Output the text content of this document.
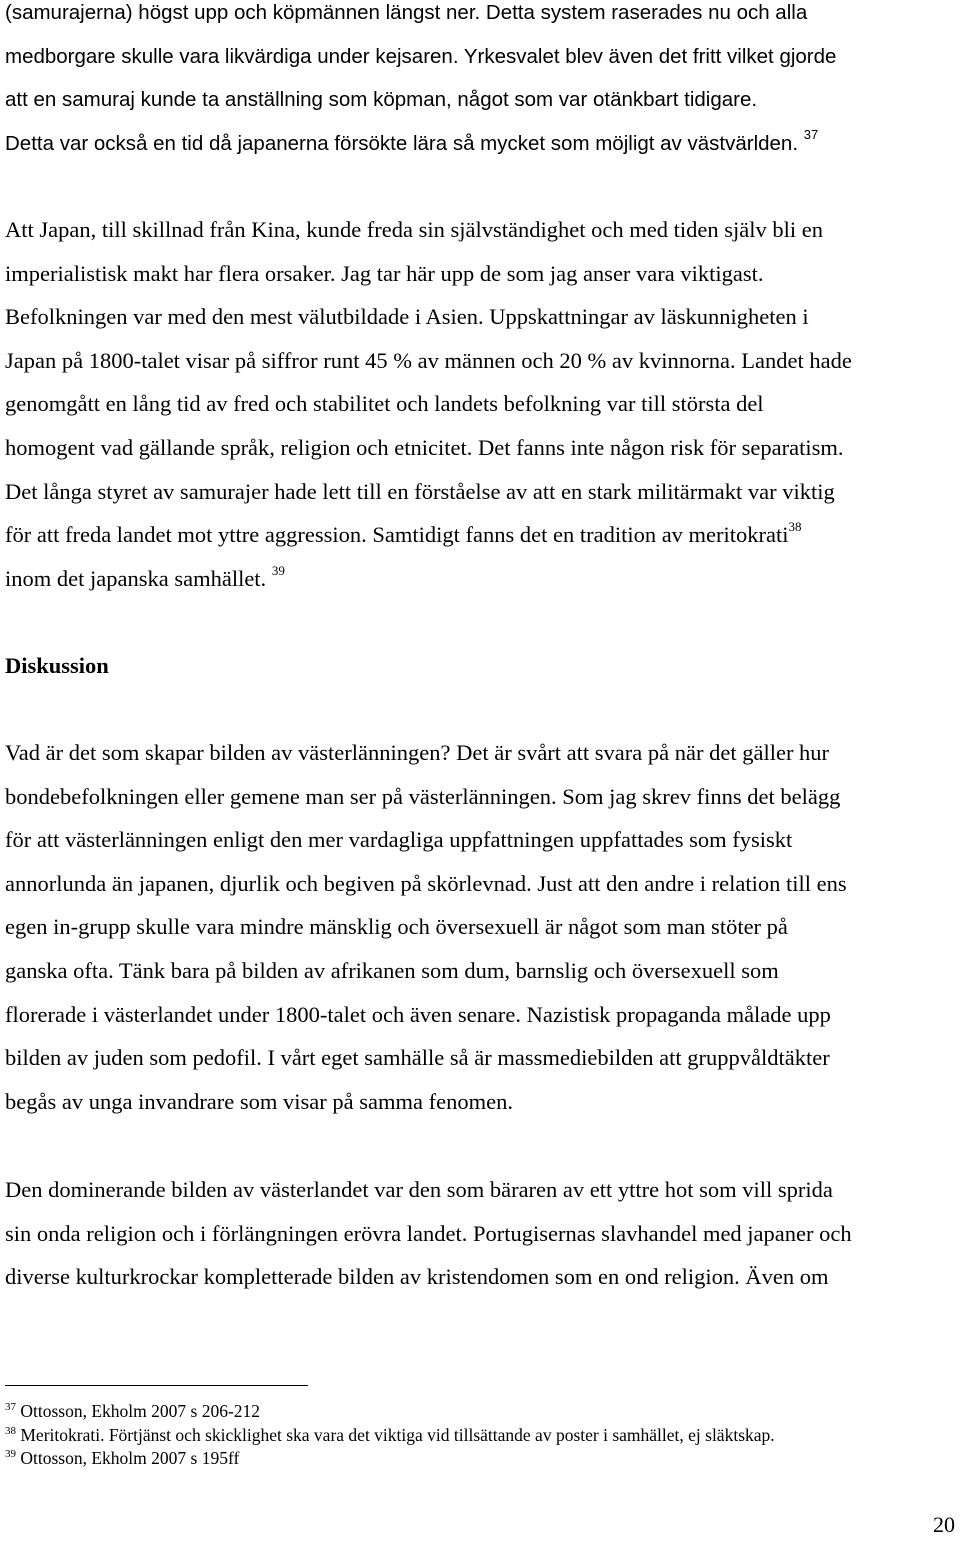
(samurajerna) högst upp och köpmännen längst ner. Detta system raserades nu och alla
medborgare skulle vara likvärdiga under kejsaren. Yrkesvalet blev även det fritt vilket gjorde
att en samuraj kunde ta anställning som köpman, något som var otänkbart tidigare.
Detta var också en tid då japanerna försökte lära så mycket som möjligt av västvärlden. $^{37}$
Att Japan, till skillnad från Kina, kunde freda sin självständighet och med tiden själv bli en
imperialistisk makt har flera orsaker. Jag tar här upp de som jag anser vara viktigast.
Befolkningen var med den mest välutbildade i Asien. Uppskattningar av läskunnigheten i
Japan på 1800-talet visar på siffror runt 45 % av männen och 20 % av kvinnorna. Landet hade
genomgått en lång tid av fred och stabilitet och landets befolkning var till största del
homogent vad gällande språk, religion och etnicitet. Det fanns inte någon risk för separatism.
Det långa styret av samurajer hade lett till en förståelse av att en stark militärmakt var viktig
för att freda landet mot yttre aggression. Samtidigt fanns det en tradition av meritokrati$^{38}$
inom det japanska samhället. $^{39}$
Diskussion
Vad är det som skapar bilden av västerlänningen? Det är svårt att svara på när det gäller hur
bondebefolkningen eller gemene man ser på västerlänningen. Som jag skrev finns det belägg
för att västerlänningen enligt den mer vardagliga uppfattningen uppfattades som fysiskt
annorlunda än japanen, djurlik och begiven på skörlevnad. Just att den andre i relation till ens
egen in-grupp skulle vara mindre mänsklig och översexuell är något som man stöter på
ganska ofta. Tänk bara på bilden av afrikanen som dum, barnslig och översexuell som
florerade i västerlandet under 1800-talet och även senare. Nazistisk propaganda målade upp
bilden av juden som pedofil. I vårt eget samhälle så är massmediebilden att gruppvåldtäkter
begås av unga invandrare som visar på samma fenomen.
Den dominerande bilden av västerlandet var den som bäraren av ett yttre hot som vill sprida
sin onda religion och i förlängningen erövra landet. Portugisernas slavhandel med japaner och
diverse kulturkrockar kompletterade bilden av kristendomen som en ond religion. Även om
$^{37}$ Ottosson, Ekholm 2007 s 206-212
$^{38}$ Meritokrati. Förtjänst och skicklighet ska vara det viktiga vid tillsättande av poster i samhället, ej släktskap.
$^{39}$ Ottosson, Ekholm 2007 s 195ff
20
